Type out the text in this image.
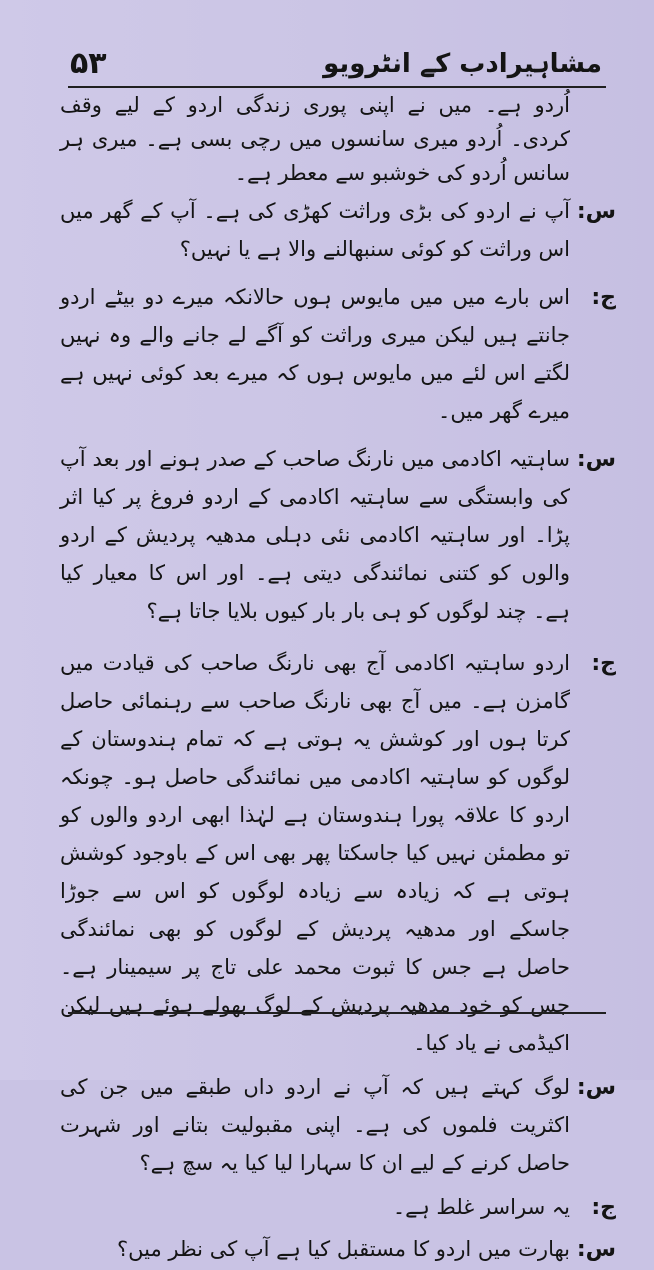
۵۳	مشاہیرادب کے انٹرویو
اُردو ہے۔ میں نے اپنی پوری زندگی اردو کے لیے وقف کردی۔ اُردو میری سانسوں میں رچی بسی ہے۔ میری ہر سانس اُردو کی خوشبو سے معطر ہے۔
س:
آپ نے اردو کی بڑی وراثت کھڑی کی ہے۔ آپ کے گھر میں اس وراثت کو کوئی سنبھالنے والا ہے یا نہیں؟
ج:
اس بارے میں میں مایوس ہوں حالانکہ میرے دو بیٹے اردو جانتے ہیں لیکن میری وراثت کو آگے لے جانے والے وہ نہیں لگتے اس لئے میں مایوس ہوں کہ میرے بعد کوئی نہیں ہے میرے گھر میں۔
س:
ساہتیہ اکادمی میں نارنگ صاحب کے صدر ہونے اور بعد آپ کی وابستگی سے ساہتیہ اکادمی کے اردو فروغ پر کیا اثر پڑا۔ اور ساہتیہ اکادمی نئی دہلی مدھیہ پردیش کے اردو والوں کو کتنی نمائندگی دیتی ہے۔ اور اس کا معیار کیا ہے۔ چند لوگوں کو ہی بار بار کیوں بلایا جاتا ہے؟
ج:
اردو ساہتیہ اکادمی آج بھی نارنگ صاحب کی قیادت میں گامزن ہے۔ میں آج بھی نارنگ صاحب سے رہنمائی حاصل کرتا ہوں اور کوشش یہ ہوتی ہے کہ تمام ہندوستان کے لوگوں کو ساہتیہ اکادمی میں نمائندگی حاصل ہو۔ چونکہ اردو کا علاقہ پورا ہندوستان ہے لہٰذا ابھی اردو والوں کو تو مطمئن نہیں کیا جاسکتا پھر بھی اس کے باوجود کوشش ہوتی ہے کہ زیادہ سے زیادہ لوگوں کو اس سے جوڑا جاسکے اور مدھیہ پردیش کے لوگوں کو بھی نمائندگی حاصل ہے جس کا ثبوت محمد علی تاج پر سیمینار ہے۔ جس کو خود مدھیہ پردیش کے لوگ بھولے ہوئے ہیں لیکن اکیڈمی نے یاد کیا۔
س:
لوگ کہتے ہیں کہ آپ نے اردو داں طبقے میں جن کی اکثریت فلموں کی ہے۔ اپنی مقبولیت بتانے اور شہرت حاصل کرنے کے لیے ان کا سہارا لیا کیا یہ سچ ہے؟
ج:
یہ سراسر غلط ہے۔
س:
بھارت میں اردو کا مستقبل کیا ہے آپ کی نظر میں؟
